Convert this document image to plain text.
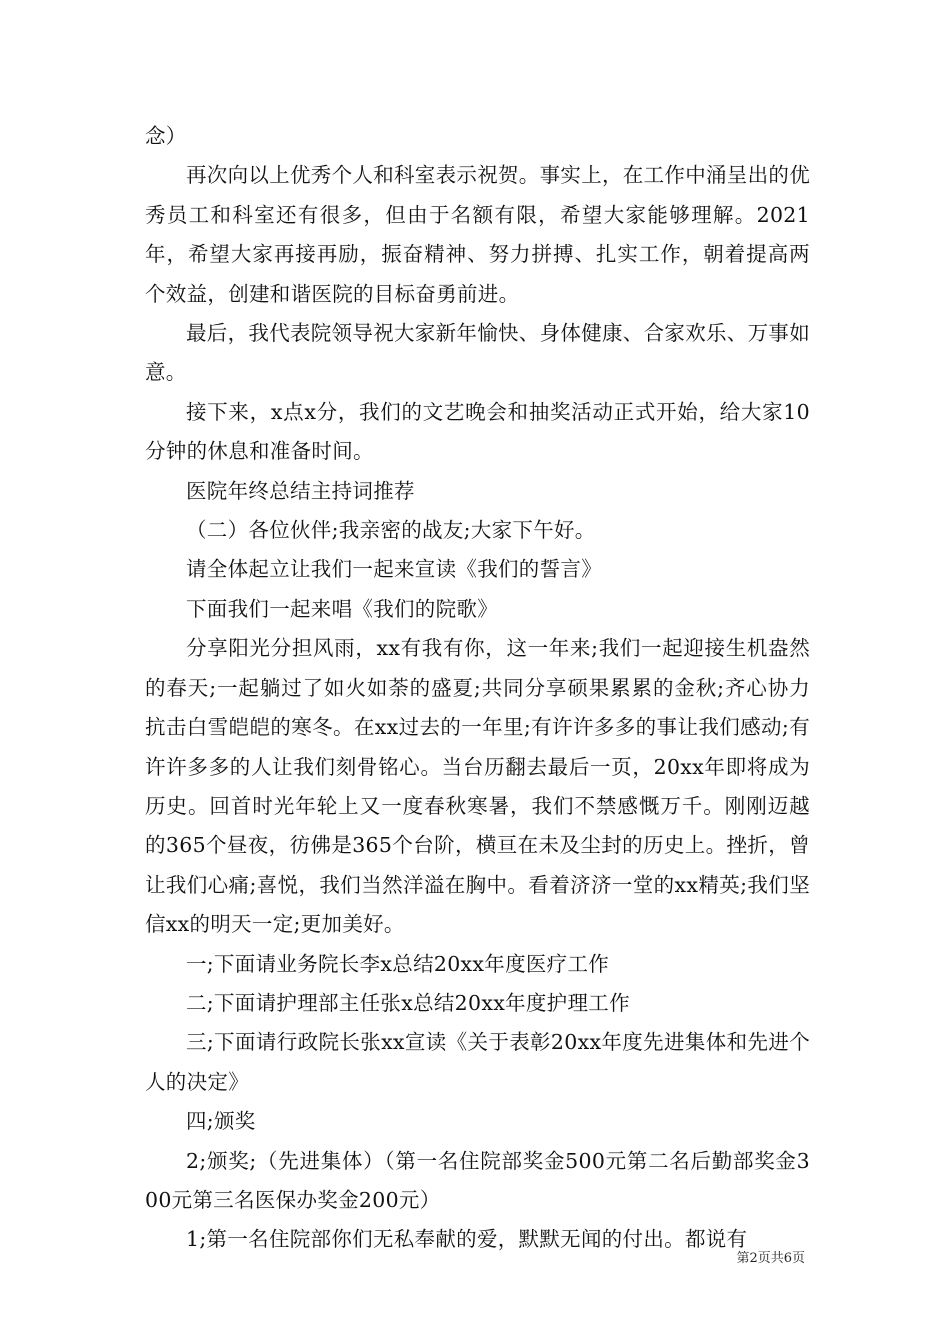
念）

再次向以上优秀个人和科室表示祝贺。事实上，在工作中涌呈出的优秀员工和科室还有很多，但由于名额有限，希望大家能够理解。2021年，希望大家再接再励，振奋精神、努力拼搏、扎实工作，朝着提高两个效益，创建和谐医院的目标奋勇前进。

最后，我代表院领导祝大家新年愉快、身体健康、合家欢乐、万事如意。

接下来，x点x分，我们的文艺晚会和抽奖活动正式开始，给大家10分钟的休息和准备时间。

医院年终总结主持词推荐

（二）各位伙伴;我亲密的战友;大家下午好。

请全体起立让我们一起来宣读《我们的誓言》

下面我们一起来唱《我们的院歌》

分享阳光分担风雨，xx有我有你，这一年来;我们一起迎接生机盎然的春天;一起躺过了如火如荼的盛夏;共同分享硕果累累的金秋;齐心协力抗击白雪皑皑的寒冬。在xx过去的一年里;有许许多多的事让我们感动;有许许多多的人让我们刻骨铭心。当台历翻去最后一页，20xx年即将成为历史。回首时光年轮上又一度春秋寒暑，我们不禁感慨万千。刚刚迈越的365个昼夜，彷佛是365个台阶，横亘在未及尘封的历史上。挫折，曾让我们心痛;喜悦，我们当然洋溢在胸中。看着济济一堂的xx精英;我们坚信xx的明天一定;更加美好。

一;下面请业务院长李x总结20xx年度医疗工作

二;下面请护理部主任张x总结20xx年度护理工作

三;下面请行政院长张xx宣读《关于表彰20xx年度先进集体和先进个人的决定》

四;颁奖

2;颁奖;（先进集体）（第一名住院部奖金500元第二名后勤部奖金300元第三名医保办奖金200元）

1;第一名住院部你们无私奉献的爱，默默无闻的付出。都说有

第2页共6页
